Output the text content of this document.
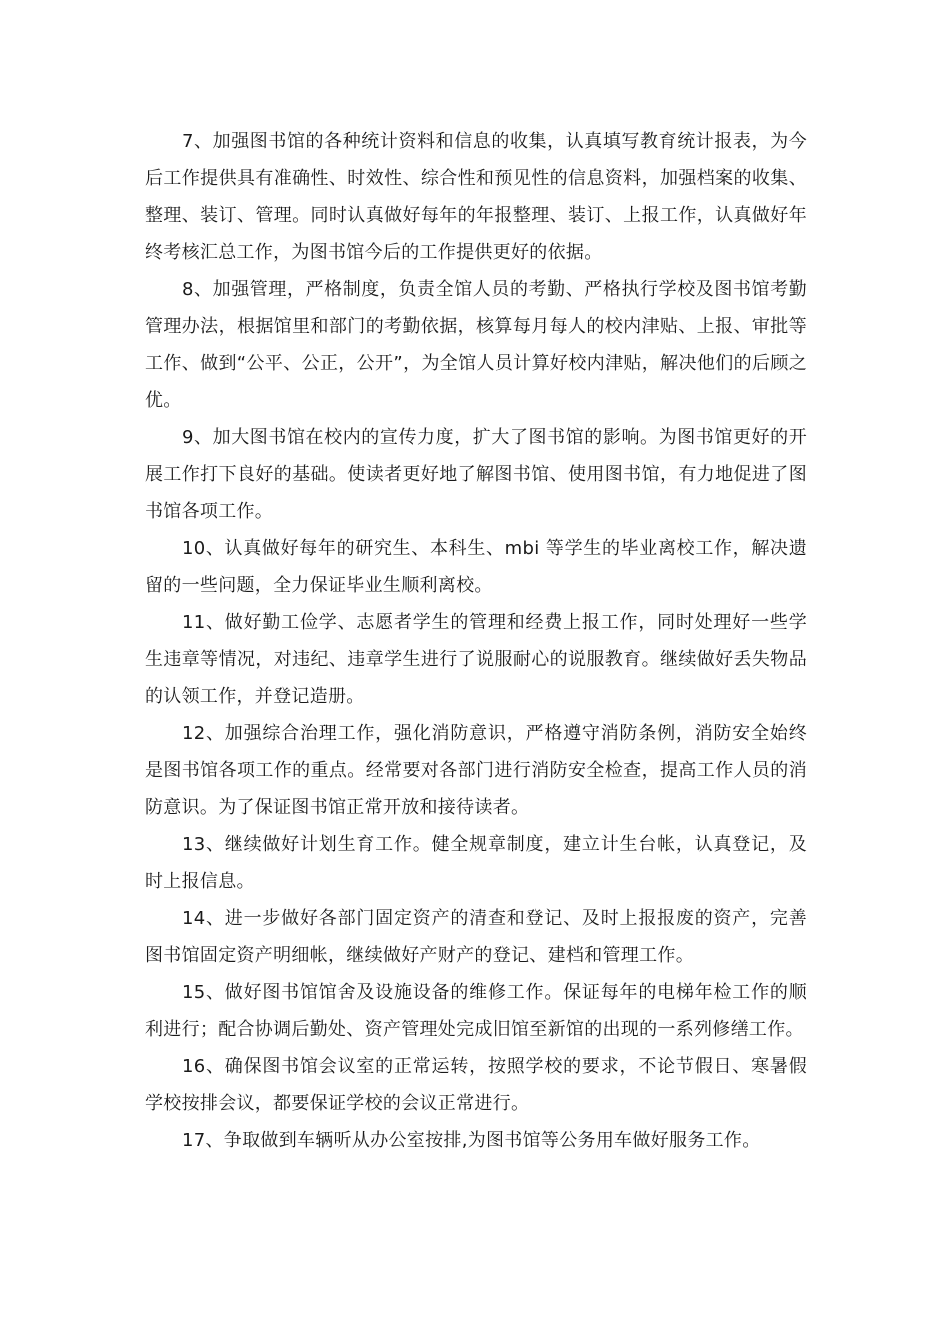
7、加强图书馆的各种统计资料和信息的收集，认真填写教育统计报表，为今后工作提供具有准确性、时效性、综合性和预见性的信息资料，加强档案的收集、整理、装订、管理。同时认真做好每年的年报整理、装订、上报工作，认真做好年终考核汇总工作，为图书馆今后的工作提供更好的依据。

8、加强管理，严格制度，负责全馆人员的考勤、严格执行学校及图书馆考勤管理办法，根据馆里和部门的考勤依据，核算每月每人的校内津贴、上报、审批等工作、做到“公平、公正，公开”，为全馆人员计算好校内津贴，解决他们的后顾之优。

9、加大图书馆在校内的宣传力度，扩大了图书馆的影响。为图书馆更好的开展工作打下良好的基础。使读者更好地了解图书馆、使用图书馆，有力地促进了图书馆各项工作。

10、认真做好每年的研究生、本科生、mbi 等学生的毕业离校工作，解决遗留的一些问题，全力保证毕业生顺利离校。

11、做好勤工俭学、志愿者学生的管理和经费上报工作，同时处理好一些学生违章等情况，对违纪、违章学生进行了说服耐心的说服教育。继续做好丢失物品的认领工作，并登记造册。

12、加强综合治理工作，强化消防意识，严格遵守消防条例，消防安全始终是图书馆各项工作的重点。经常要对各部门进行消防安全检查，提高工作人员的消防意识。为了保证图书馆正常开放和接待读者。

13、继续做好计划生育工作。健全规章制度，建立计生台帐，认真登记，及时上报信息。

14、进一步做好各部门固定资产的清查和登记、及时上报报废的资产，完善图书馆固定资产明细帐，继续做好产财产的登记、建档和管理工作。

15、做好图书馆馆舍及设施设备的维修工作。保证每年的电梯年检工作的顺利进行；配合协调后勤处、资产管理处完成旧馆至新馆的出现的一系列修缮工作。

16、确保图书馆会议室的正常运转，按照学校的要求，不论节假日、寒暑假学校按排会议，都要保证学校的会议正常进行。

17、争取做到车辆听从办公室按排,为图书馆等公务用车做好服务工作。
